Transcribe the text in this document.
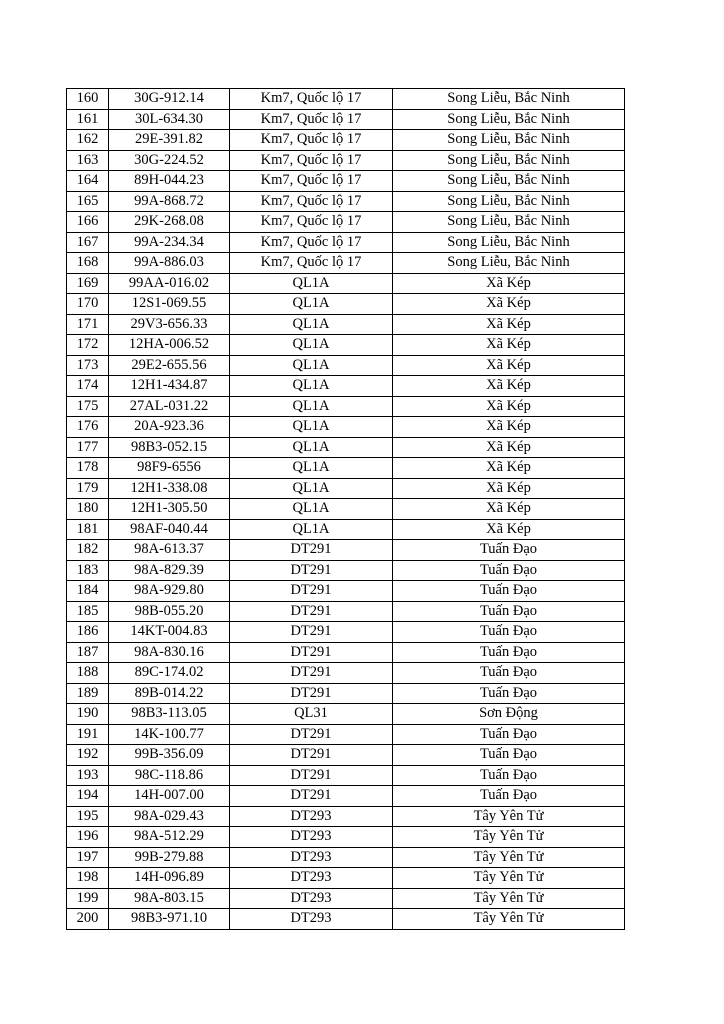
160	30G-912.14	Km7, Quốc lộ 17	Song Liễu, Bắc Ninh
161	30L-634.30	Km7, Quốc lộ 17	Song Liễu, Bắc Ninh
162	29E-391.82	Km7, Quốc lộ 17	Song Liễu, Bắc Ninh
163	30G-224.52	Km7, Quốc lộ 17	Song Liễu, Bắc Ninh
164	89H-044.23	Km7, Quốc lộ 17	Song Liễu, Bắc Ninh
165	99A-868.72	Km7, Quốc lộ 17	Song Liễu, Bắc Ninh
166	29K-268.08	Km7, Quốc lộ 17	Song Liễu, Bắc Ninh
167	99A-234.34	Km7, Quốc lộ 17	Song Liễu, Bắc Ninh
168	99A-886.03	Km7, Quốc lộ 17	Song Liễu, Bắc Ninh
169	99AA-016.02	QL1A	Xã Kép
170	12S1-069.55	QL1A	Xã Kép
171	29V3-656.33	QL1A	Xã Kép
172	12HA-006.52	QL1A	Xã Kép
173	29E2-655.56	QL1A	Xã Kép
174	12H1-434.87	QL1A	Xã Kép
175	27AL-031.22	QL1A	Xã Kép
176	20A-923.36	QL1A	Xã Kép
177	98B3-052.15	QL1A	Xã Kép
178	98F9-6556	QL1A	Xã Kép
179	12H1-338.08	QL1A	Xã Kép
180	12H1-305.50	QL1A	Xã Kép
181	98AF-040.44	QL1A	Xã Kép
182	98A-613.37	DT291	Tuấn Đạo
183	98A-829.39	DT291	Tuấn Đạo
184	98A-929.80	DT291	Tuấn Đạo
185	98B-055.20	DT291	Tuấn Đạo
186	14KT-004.83	DT291	Tuấn Đạo
187	98A-830.16	DT291	Tuấn Đạo
188	89C-174.02	DT291	Tuấn Đạo
189	89B-014.22	DT291	Tuấn Đạo
190	98B3-113.05	QL31	Sơn Động
191	14K-100.77	DT291	Tuấn Đạo
192	99B-356.09	DT291	Tuấn Đạo
193	98C-118.86	DT291	Tuấn Đạo
194	14H-007.00	DT291	Tuấn Đạo
195	98A-029.43	DT293	Tây Yên Tử
196	98A-512.29	DT293	Tây Yên Tử
197	99B-279.88	DT293	Tây Yên Tử
198	14H-096.89	DT293	Tây Yên Tử
199	98A-803.15	DT293	Tây Yên Tử
200	98B3-971.10	DT293	Tây Yên Tử
